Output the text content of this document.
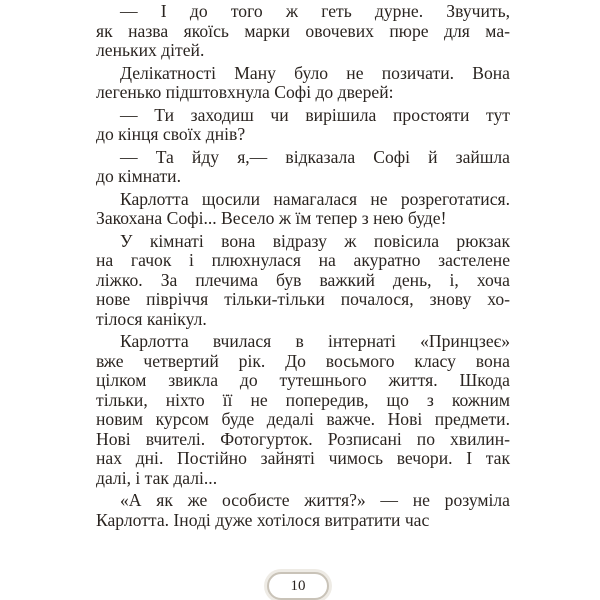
— І до того ж геть дурне. Звучить,
як назва якоїсь марки овочевих пюре для ма-
леньких дітей.
Делікатності Ману було не позичати. Вона
легенько підштовхнула Софі до дверей:
— Ти заходиш чи вирішила простояти тут
до кінця своїх днів?
— Та йду я,— відказала Софі й зайшла
до кімнати.
Карлотта щосили намагалася не розреготатися.
Закохана Софі... Весело ж їм тепер з нею буде!
У кімнаті вона відразу ж повісила рюкзак
на гачок і плюхнулася на акуратно застелене
ліжко. За плечима був важкий день, і, хоча
нове півріччя тільки-тільки почалося, знову хо-
тілося канікул.
Карлотта вчилася в інтернаті «Принцзеє»
вже четвертий рік. До восьмого класу вона
цілком звикла до тутешнього життя. Шкода
тільки, ніхто її не попередив, що з кожним
новим курсом буде дедалі важче. Нові предмети.
Нові вчителі. Фотогурток. Розписані по хвилин-
нах дні. Постійно зайняті чимось вечори. І так
далі, і так далі...
«А як же особисте життя?» — не розуміла
Карлотта. Іноді дуже хотілося витратити час
10
